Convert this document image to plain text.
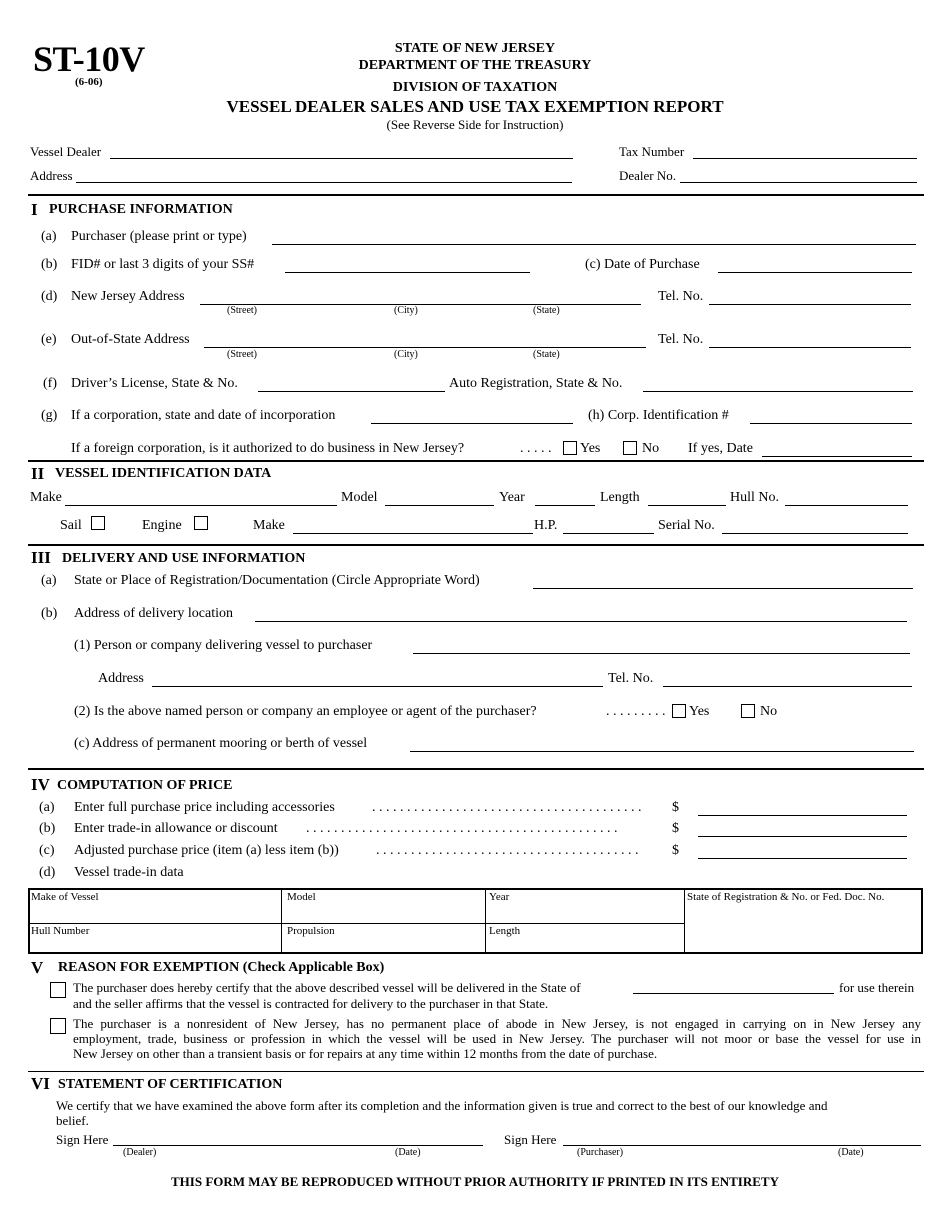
ST-10V
(6-06)
STATE OF NEW JERSEY
DEPARTMENT OF THE TREASURY
DIVISION OF TAXATION
VESSEL DEALER SALES AND USE TAX EXEMPTION REPORT
(See Reverse Side for Instruction)
Vessel Dealer	Tax Number
Address	Dealer No.
I PURCHASE INFORMATION
(a) Purchaser (please print or type)
(b) FID# or last 3 digits of your SS#	(c) Date of Purchase
(d) New Jersey Address
(Street)	(City)	(State)
Tel. No.
(e) Out-of-State Address
(Street)	(City)	(State)
Tel. No.
(f) Driver’s License, State & No.	Auto Registration, State & No.
(g) If a corporation, state and date of incorporation	(h) Corp. Identification #
If a foreign corporation, is it authorized to do business in New Jersey?	. . . . . Yes	No If yes, Date
II VESSEL IDENTIFICATION DATA
Make	Model	Year	Length	Hull No.
Sail	Engine	Make	H.P.	Serial No.
III DELIVERY AND USE INFORMATION
(a) State or Place of Registration/Documentation (Circle Appropriate Word)
(b) Address of delivery location
(1) Person or company delivering vessel to purchaser
Address	Tel. No.
(2) Is the above named person or company an employee or agent of the purchaser?	. . . . . . . . . Yes	No
(c) Address of permanent mooring or berth of vessel
IV COMPUTATION OF PRICE
(a) Enter full purchase price including accessories	. . . . . . . . . . . . . . . . . . . . . . . . . . . . . . . . . . . . . . . $
(b) Enter trade-in allowance or discount . . . . . . . . . . . . . . . . . . . . . . . . . . . . . . . . . . . . . . . . . . . . .	$
(c) Adjusted purchase price (item (a) less item (b))	. . . . . . . . . . . . . . . . . . . . . . . . . . . . . . . . . . . . . . $
(d) Vessel trade-in data
Make of Vessel	Model	Year	State of Registration & No. or Fed. Doc. No.
Hull Number	Propulsion	Length
V REASON FOR EXEMPTION (Check Applicable Box)
The purchaser does hereby certify that the above described vessel will be delivered in the State of	for use therein
and the seller affirms that the vessel is contracted for delivery to the purchaser in that State.
The purchaser is a nonresident of New Jersey, has no permanent place of abode in New Jersey, is not engaged in carrying on in New Jersey any
employment, trade, business or profession in which the vessel will be used in New Jersey. The purchaser will not moor or base the vessel for use in
New Jersey on other than a transient basis or for repairs at any time within 12 months from the date of purchase.
VI STATEMENT OF CERTIFICATION
We certify that we have examined the above form after its completion and the information given is true and correct to the best of our knowledge and
belief.
Sign Here
(Dealer)	(Date)
Sign Here
(Purchaser)	(Date)
THIS FORM MAY BE REPRODUCED WITHOUT PRIOR AUTHORITY IF PRINTED IN ITS ENTIRETY
